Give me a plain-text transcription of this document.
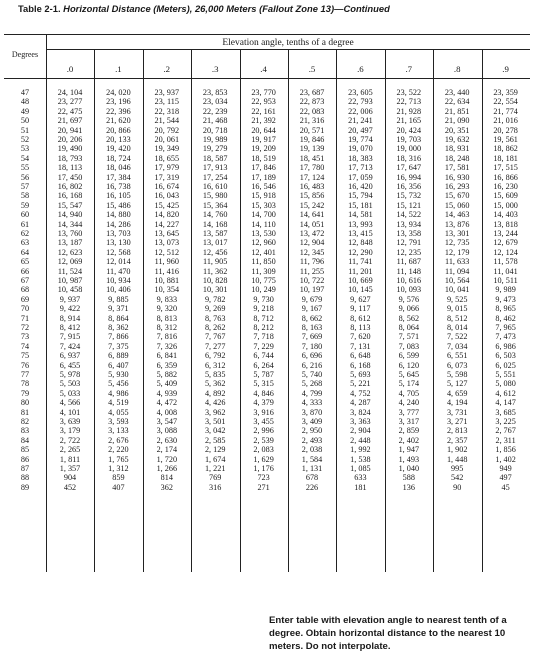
Table 2-1. Horizontal Distance (Meters), 26,000 Meters (Fallout Zone 13)—Continued
Elevation angle, tenths of a degree
Degrees
.0	.1	.2	.3	.4	.5	.6	.7	.8	.9
47	24, 104	24, 020	23, 937	23, 853	23, 770	23, 687	23, 605	23, 522	23, 440	23, 359
48	23, 277	23, 196	23, 115	23, 034	22, 953	22, 873	22, 793	22, 713	22, 634	22, 554
49	22, 475	22, 396	22, 318	22, 239	22, 161	22, 083	22, 006	21, 928	21, 851	21, 774
50	21, 697	21, 620	21, 544	21, 468	21, 392	21, 316	21, 241	21, 165	21, 090	21, 016
51	20, 941	20, 866	20, 792	20, 718	20, 644	20, 571	20, 497	20, 424	20, 351	20, 278
52	20, 206	20, 133	20, 061	19, 989	19, 917	19, 846	19, 774	19, 703	19, 632	19, 561
53	19, 490	19, 420	19, 349	19, 279	19, 209	19, 139	19, 070	19, 000	18, 931	18, 862
54	18, 793	18, 724	18, 655	18, 587	18, 519	18, 451	18, 383	18, 316	18, 248	18, 181
55	18, 113	18, 046	17, 979	17, 913	17, 846	17, 780	17, 713	17, 647	17, 581	17, 515
56	17, 450	17, 384	17, 319	17, 254	17, 189	17, 124	17, 059	16, 994	16, 930	16, 866
57	16, 802	16, 738	16, 674	16, 610	16, 546	16, 483	16, 420	16, 356	16, 293	16, 230
58	16, 168	16, 105	16, 043	15, 980	15, 918	15, 856	15, 794	15, 732	15, 670	15, 609
59	15, 547	15, 486	15, 425	15, 364	15, 303	15, 242	15, 181	15, 121	15, 060	15, 000
60	14, 940	14, 880	14, 820	14, 760	14, 700	14, 641	14, 581	14, 522	14, 463	14, 403
61	14, 344	14, 286	14, 227	14, 168	14, 110	14, 051	13, 993	13, 934	13, 876	13, 818
62	13, 760	13, 703	13, 645	13, 587	13, 530	13, 472	13, 415	13, 358	13, 301	13, 244
63	13, 187	13, 130	13, 073	13, 017	12, 960	12, 904	12, 848	12, 791	12, 735	12, 679
64	12, 623	12, 568	12, 512	12, 456	12, 401	12, 345	12, 290	12, 235	12, 179	12, 124
65	12, 069	12, 014	11, 960	11, 905	11, 850	11, 796	11, 741	11, 687	11, 633	11, 578
66	11, 524	11, 470	11, 416	11, 362	11, 309	11, 255	11, 201	11, 148	11, 094	11, 041
67	10, 987	10, 934	10, 881	10, 828	10, 775	10, 722	10, 669	10, 616	10, 564	10, 511
68	10, 458	10, 406	10, 354	10, 301	10, 249	10, 197	10, 145	10, 093	10, 041	9, 989
69	9, 937	9, 885	9, 833	9, 782	9, 730	9, 679	9, 627	9, 576	9, 525	9, 473
70	9, 422	9, 371	9, 320	9, 269	9, 218	9, 167	9, 117	9, 066	9, 015	8, 965
71	8, 914	8, 864	8, 813	8, 763	8, 712	8, 662	8, 612	8, 562	8, 512	8, 462
72	8, 412	8, 362	8, 312	8, 262	8, 212	8, 163	8, 113	8, 064	8, 014	7, 965
73	7, 915	7, 866	7, 816	7, 767	7, 718	7, 669	7, 620	7, 571	7, 522	7, 473
74	7, 424	7, 375	7, 326	7, 277	7, 229	7, 180	7, 131	7, 083	7, 034	6, 986
75	6, 937	6, 889	6, 841	6, 792	6, 744	6, 696	6, 648	6, 599	6, 551	6, 503
76	6, 455	6, 407	6, 359	6, 312	6, 264	6, 216	6, 168	6, 120	6, 073	6, 025
77	5, 978	5, 930	5, 882	5, 835	5, 787	5, 740	5, 693	5, 645	5, 598	5, 551
78	5, 503	5, 456	5, 409	5, 362	5, 315	5, 268	5, 221	5, 174	5, 127	5, 080
79	5, 033	4, 986	4, 939	4, 892	4, 846	4, 799	4, 752	4, 705	4, 659	4, 612
80	4, 566	4, 519	4, 472	4, 426	4, 379	4, 333	4, 287	4, 240	4, 194	4, 147
81	4, 101	4, 055	4, 008	3, 962	3, 916	3, 870	3, 824	3, 777	3, 731	3, 685
82	3, 639	3, 593	3, 547	3, 501	3, 455	3, 409	3, 363	3, 317	3, 271	3, 225
83	3, 179	3, 133	3, 088	3, 042	2, 996	2, 950	2, 904	2, 859	2, 813	2, 767
84	2, 722	2, 676	2, 630	2, 585	2, 539	2, 493	2, 448	2, 402	2, 357	2, 311
85	2, 265	2, 220	2, 174	2, 129	2, 083	2, 038	1, 992	1, 947	1, 902	1, 856
86	1, 811	1, 765	1, 720	1, 674	1, 629	1, 584	1, 538	1, 493	1, 448	1, 402
87	1, 357	1, 312	1, 266	1, 221	1, 176	1, 131	1, 085	1, 040	995	949
88	904	859	814	769	723	678	633	588	542	497
89	452	407	362	316	271	226	181	136	90	45
Enter table with elevation angle to nearest tenth of a
degree. Obtain horizontal distance to the nearest 10
meters. Do not interpolate.
